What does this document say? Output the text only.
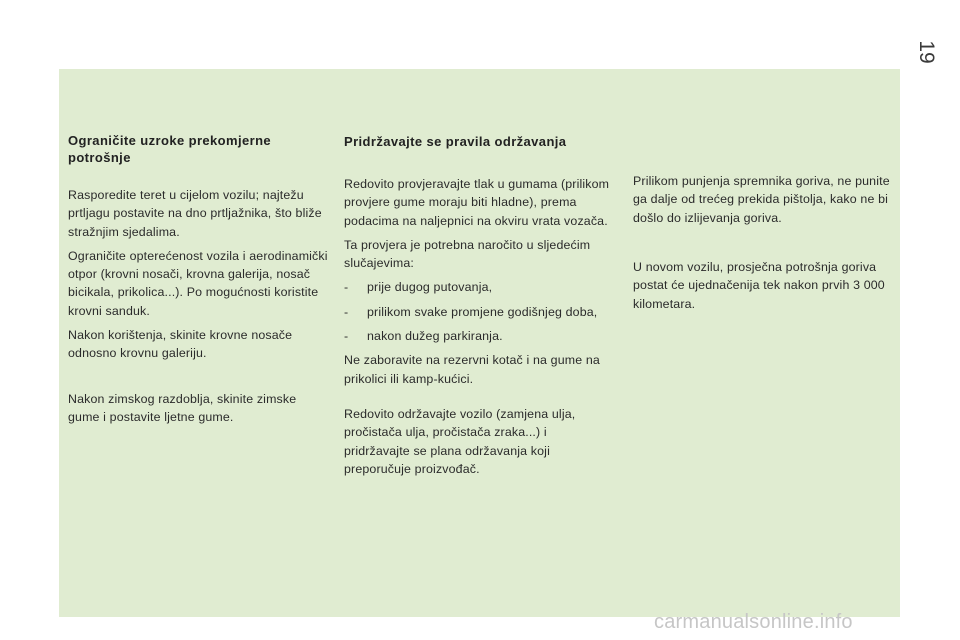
19
Ograničite uzroke prekomjerne potrošnje

Rasporedite teret u cijelom vozilu; najtežu prtljagu postavite na dno prtljažnika, što bliže stražnjim sjedalima.

Ograničite opterećenost vozila i aerodinamički otpor (krovni nosači, krovna galerija, nosač bicikala, prikolica...). Po mogućnosti koristite krovni sanduk.

Nakon korištenja, skinite krovne nosače odnosno krovnu galeriju.

Nakon zimskog razdoblja, skinite zimske gume i postavite ljetne gume.

Pridržavajte se pravila održavanja

Redovito provjeravajte tlak u gumama (prilikom provjere gume moraju biti hladne), prema podacima na naljepnici na okviru vrata vozača.

Ta provjera je potrebna naročito u sljedećim slučajevima:

-	prije dugog putovanja,
-	prilikom svake promjene godišnjeg doba,
-	nakon dužeg parkiranja.

Ne zaboravite na rezervni kotač i na gume na prikolici ili kamp-kućici.

Redovito održavajte vozilo (zamjena ulja, pročistača ulja, pročistača zraka...) i pridržavajte se plana održavanja koji preporučuje proizvođač.

Prilikom punjenja spremnika goriva, ne punite ga dalje od trećeg prekida pištolja, kako ne bi došlo do izlijevanja goriva.

U novom vozilu, prosječna potrošnja goriva postat će ujednačenija tek nakon prvih 3 000 kilometara.

carmanualsonline.info
